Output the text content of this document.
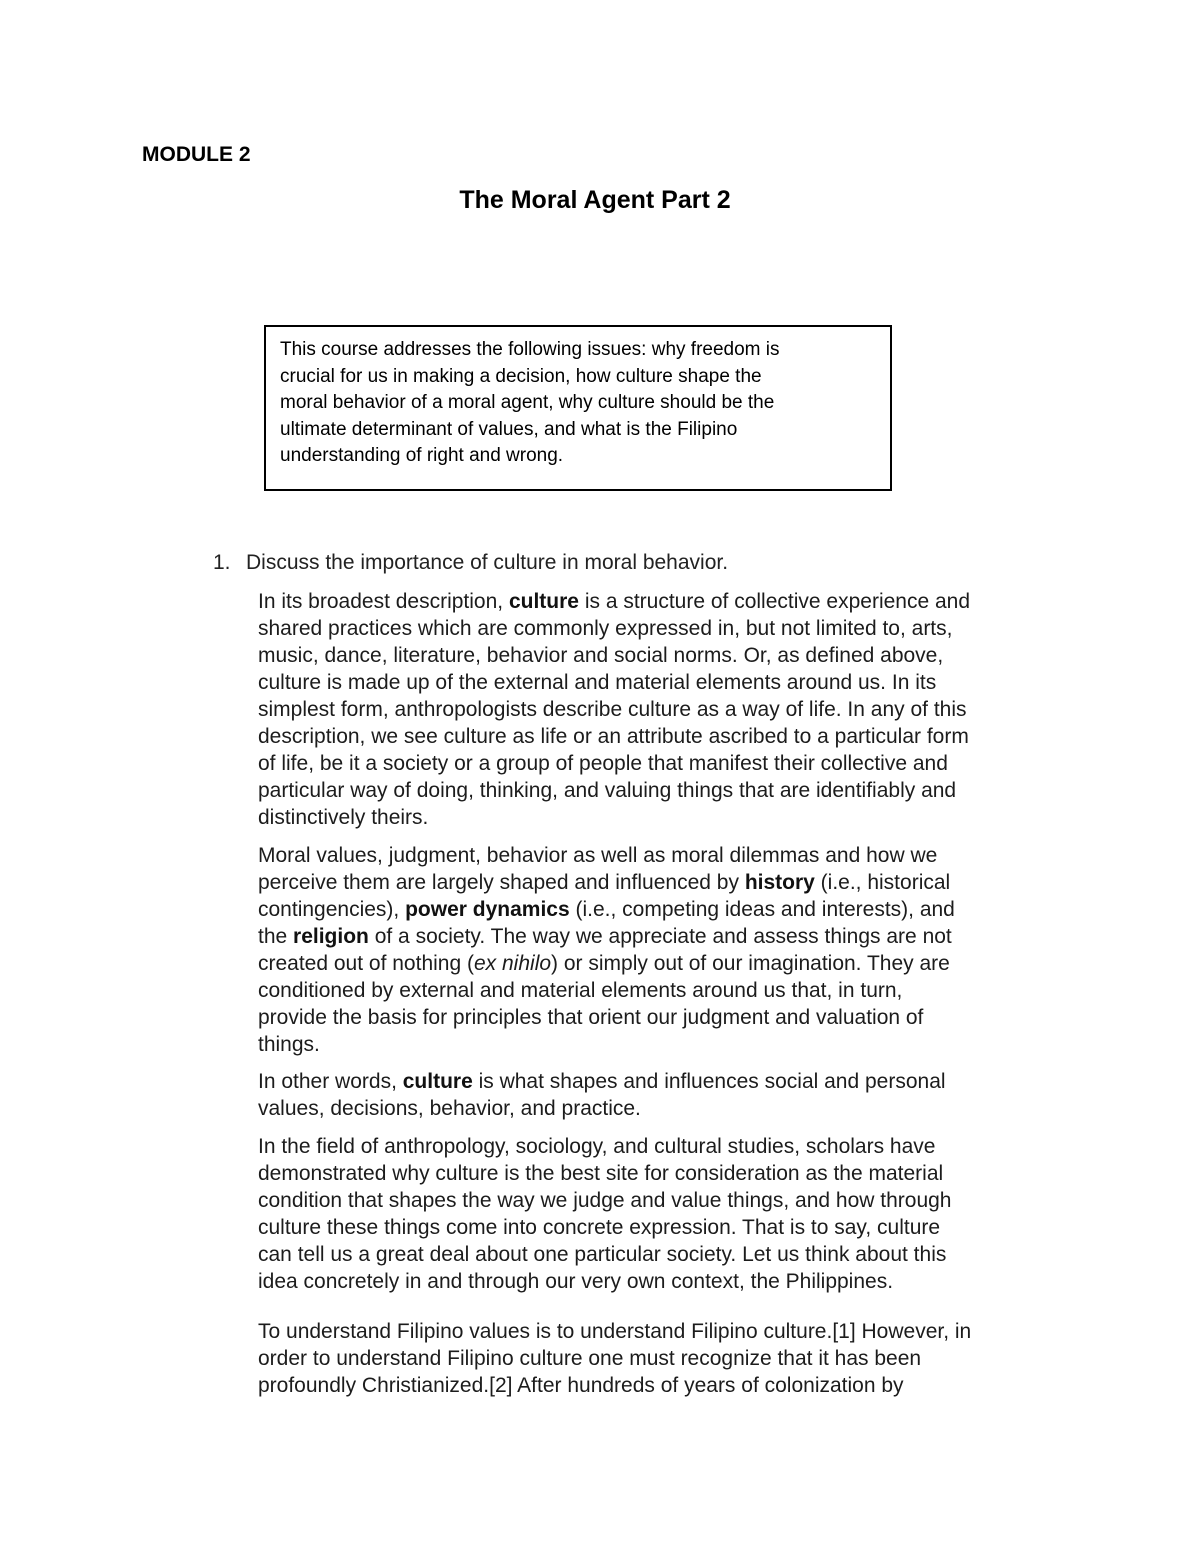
MODULE 2
The Moral Agent Part 2
This course addresses the following issues: why freedom is
crucial for us in making a decision, how culture shape the
moral behavior of a moral agent, why culture should be the
ultimate determinant of values, and what is the Filipino
understanding of right and wrong.
1. Discuss the importance of culture in moral behavior.
In its broadest description, culture is a structure of collective experience and
shared practices which are commonly expressed in, but not limited to, arts,
music, dance, literature, behavior and social norms. Or, as defined above,
culture is made up of the external and material elements around us. In its
simplest form, anthropologists describe culture as a way of life. In any of this
description, we see culture as life or an attribute ascribed to a particular form
of life, be it a society or a group of people that manifest their collective and
particular way of doing, thinking, and valuing things that are identifiably and
distinctively theirs.
Moral values, judgment, behavior as well as moral dilemmas and how we
perceive them are largely shaped and influenced by history (i.e., historical
contingencies), power dynamics (i.e., competing ideas and interests), and
the religion of a society. The way we appreciate and assess things are not
created out of nothing (ex nihilo) or simply out of our imagination. They are
conditioned by external and material elements around us that, in turn,
provide the basis for principles that orient our judgment and valuation of
things.
In other words, culture is what shapes and influences social and personal
values, decisions, behavior, and practice.
In the field of anthropology, sociology, and cultural studies, scholars have
demonstrated why culture is the best site for consideration as the material
condition that shapes the way we judge and value things, and how through
culture these things come into concrete expression. That is to say, culture
can tell us a great deal about one particular society. Let us think about this
idea concretely in and through our very own context, the Philippines.
To understand Filipino values is to understand Filipino culture.[1] However, in
order to understand Filipino culture one must recognize that it has been
profoundly Christianized.[2] After hundreds of years of colonization by
